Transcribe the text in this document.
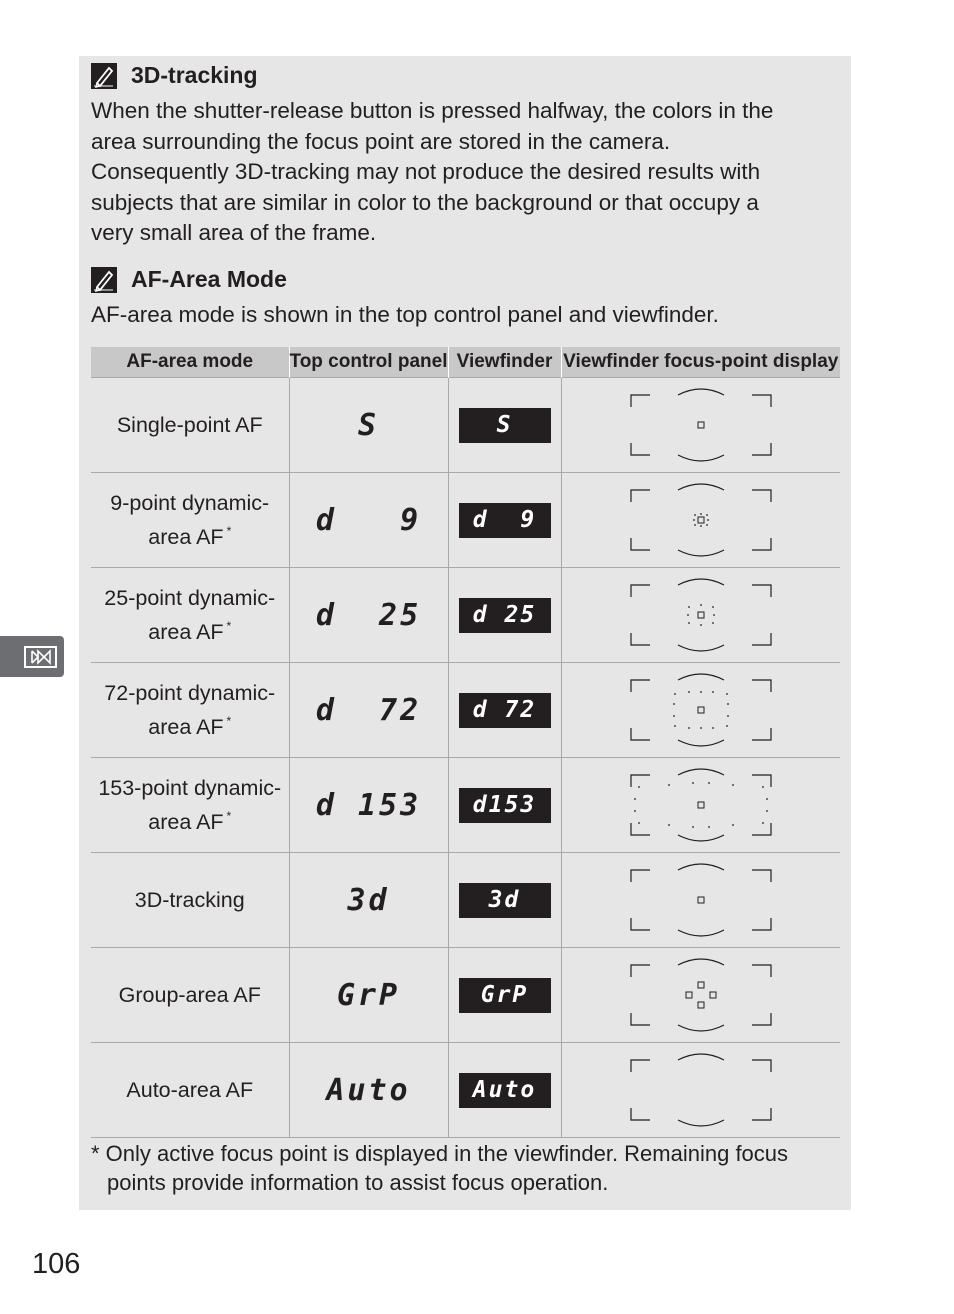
3D-tracking

When the shutter-release button is pressed halfway, the colors in the
area surrounding the focus point are stored in the camera.
Consequently 3D-tracking may not produce the desired results with
subjects that are similar in color to the background or that occupy a
very small area of the frame.

AF-Area Mode

AF-area mode is shown in the top control panel and viewfinder.

AF-area mode	Top control panel	Viewfinder	Viewfinder focus-point display
Single-point AF	S	S	

9-point dynamic-
area AF *	d   9	d  9	

25-point dynamic-
area AF *	d  25	d 25	

72-point dynamic-
area AF *	d  72	d 72	

153-point dynamic-
area AF *	d 153	d153	

3D-tracking	3d	3d	

Group-area AF	GrP	GrP	

Auto-area AF	Auto	Auto	

* Only active focus point is displayed in the viewfinder. Remaining focus
points provide information to assist focus operation.

106
